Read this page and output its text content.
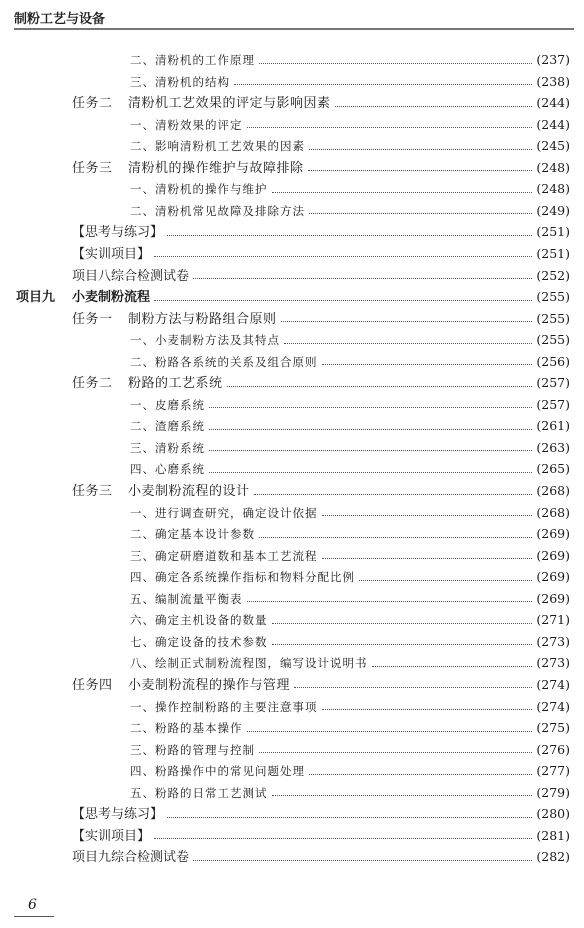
制粉工艺与设备
二、清粉机的工作原理	(237)
三、清粉机的结构	(238)
任务二	清粉机工艺效果的评定与影响因素	(244)
一、清粉效果的评定	(244)
二、影响清粉机工艺效果的因素	(245)
任务三	清粉机的操作维护与故障排除	(248)
一、清粉机的操作与维护	(248)
二、清粉机常见故障及排除方法	(249)
【思考与练习】	(251)
【实训项目】	(251)
项目八综合检测试卷	(252)
项目九	小麦制粉流程	(255)
任务一	制粉方法与粉路组合原则	(255)
一、小麦制粉方法及其特点	(255)
二、粉路各系统的关系及组合原则	(256)
任务二	粉路的工艺系统	(257)
一、皮磨系统	(257)
二、渣磨系统	(261)
三、清粉系统	(263)
四、心磨系统	(265)
任务三	小麦制粉流程的设计	(268)
一、进行调查研究，确定设计依据	(268)
二、确定基本设计参数	(269)
三、确定研磨道数和基本工艺流程	(269)
四、确定各系统操作指标和物料分配比例	(269)
五、编制流量平衡表	(269)
六、确定主机设备的数量	(271)
七、确定设备的技术参数	(273)
八、绘制正式制粉流程图，编写设计说明书	(273)
任务四	小麦制粉流程的操作与管理	(274)
一、操作控制粉路的主要注意事项	(274)
二、粉路的基本操作	(275)
三、粉路的管理与控制	(276)
四、粉路操作中的常见问题处理	(277)
五、粉路的日常工艺测试	(279)
【思考与练习】	(280)
【实训项目】	(281)
项目九综合检测试卷	(282)
6
